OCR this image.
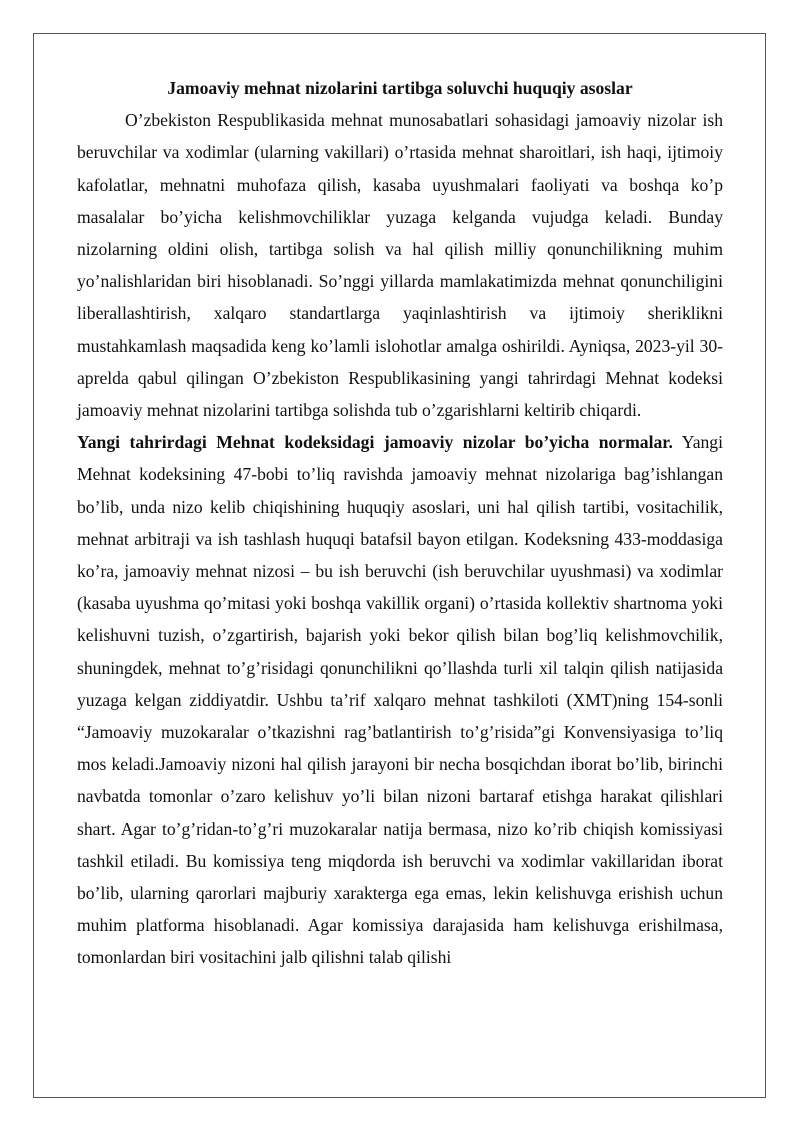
Jamoaviy mehnat nizolarini tartibga soluvchi huquqiy asoslar

O’zbekiston Respublikasida mehnat munosabatlari sohasidagi jamoaviy nizolar ish beruvchilar va xodimlar (ularning vakillari) o’rtasida mehnat sharoitlari, ish haqi, ijtimoiy kafolatlar, mehnatni muhofaza qilish, kasaba uyushmalari faoliyati va boshqa ko’p masalalar bo’yicha kelishmovchiliklar yuzaga kelganda vujudga keladi. Bunday nizolarning oldini olish, tartibga solish va hal qilish milliy qonunchilikning muhim yo’nalishlaridan biri hisoblanadi. So’nggi yillarda mamlakatimizda mehnat qonunchiligini liberallashtirish, xalqaro standartlarga yaqinlashtirish va ijtimoiy sheriklikni mustahkamlash maqsadida keng ko’lamli islohotlar amalga oshirildi. Ayniqsa, 2023-yil 30-aprelda qabul qilingan O’zbekiston Respublikasining yangi tahrirdagi Mehnat kodeksi jamoaviy mehnat nizolarini tartibga solishda tub o’zgarishlarni keltirib chiqardi.

Yangi tahrirdagi Mehnat kodeksidagi jamoaviy nizolar bo’yicha normalar. Yangi Mehnat kodeksining 47-bobi to’liq ravishda jamoaviy mehnat nizolariga bag’ishlangan bo’lib, unda nizo kelib chiqishining huquqiy asoslari, uni hal qilish tartibi, vositachilik, mehnat arbitraji va ish tashlash huquqi batafsil bayon etilgan. Kodeksning 433-moddasiga ko’ra, jamoaviy mehnat nizosi – bu ish beruvchi (ish beruvchilar uyushmasi) va xodimlar (kasaba uyushma qo’mitasi yoki boshqa vakillik organi) o’rtasida kollektiv shartnoma yoki kelishuvni tuzish, o’zgartirish, bajarish yoki bekor qilish bilan bog’liq kelishmovchilik, shuningdek, mehnat to’g’risidagi qonunchilikni qo’llashda turli xil talqin qilish natijasida yuzaga kelgan ziddiyatdir. Ushbu ta’rif xalqaro mehnat tashkiloti (XMT)ning 154-sonli “Jamoaviy muzokaralar o’tkazishni rag’batlantirish to’g’risida”gi Konvensiyasiga to’liq mos keladi.Jamoaviy nizoni hal qilish jarayoni bir necha bosqichdan iborat bo’lib, birinchi navbatda tomonlar o’zaro kelishuv yo’li bilan nizoni bartaraf etishga harakat qilishlari shart. Agar to’g’ridan-to’g’ri muzokaralar natija bermasa, nizo ko’rib chiqish komissiyasi tashkil etiladi. Bu komissiya teng miqdorda ish beruvchi va xodimlar vakillaridan iborat bo’lib, ularning qarorlari majburiy xarakterga ega emas, lekin kelishuvga erishish uchun muhim platforma hisoblanadi. Agar komissiya darajasida ham kelishuvga erishilmasa, tomonlardan biri vositachini jalb qilishni talab qilishi
